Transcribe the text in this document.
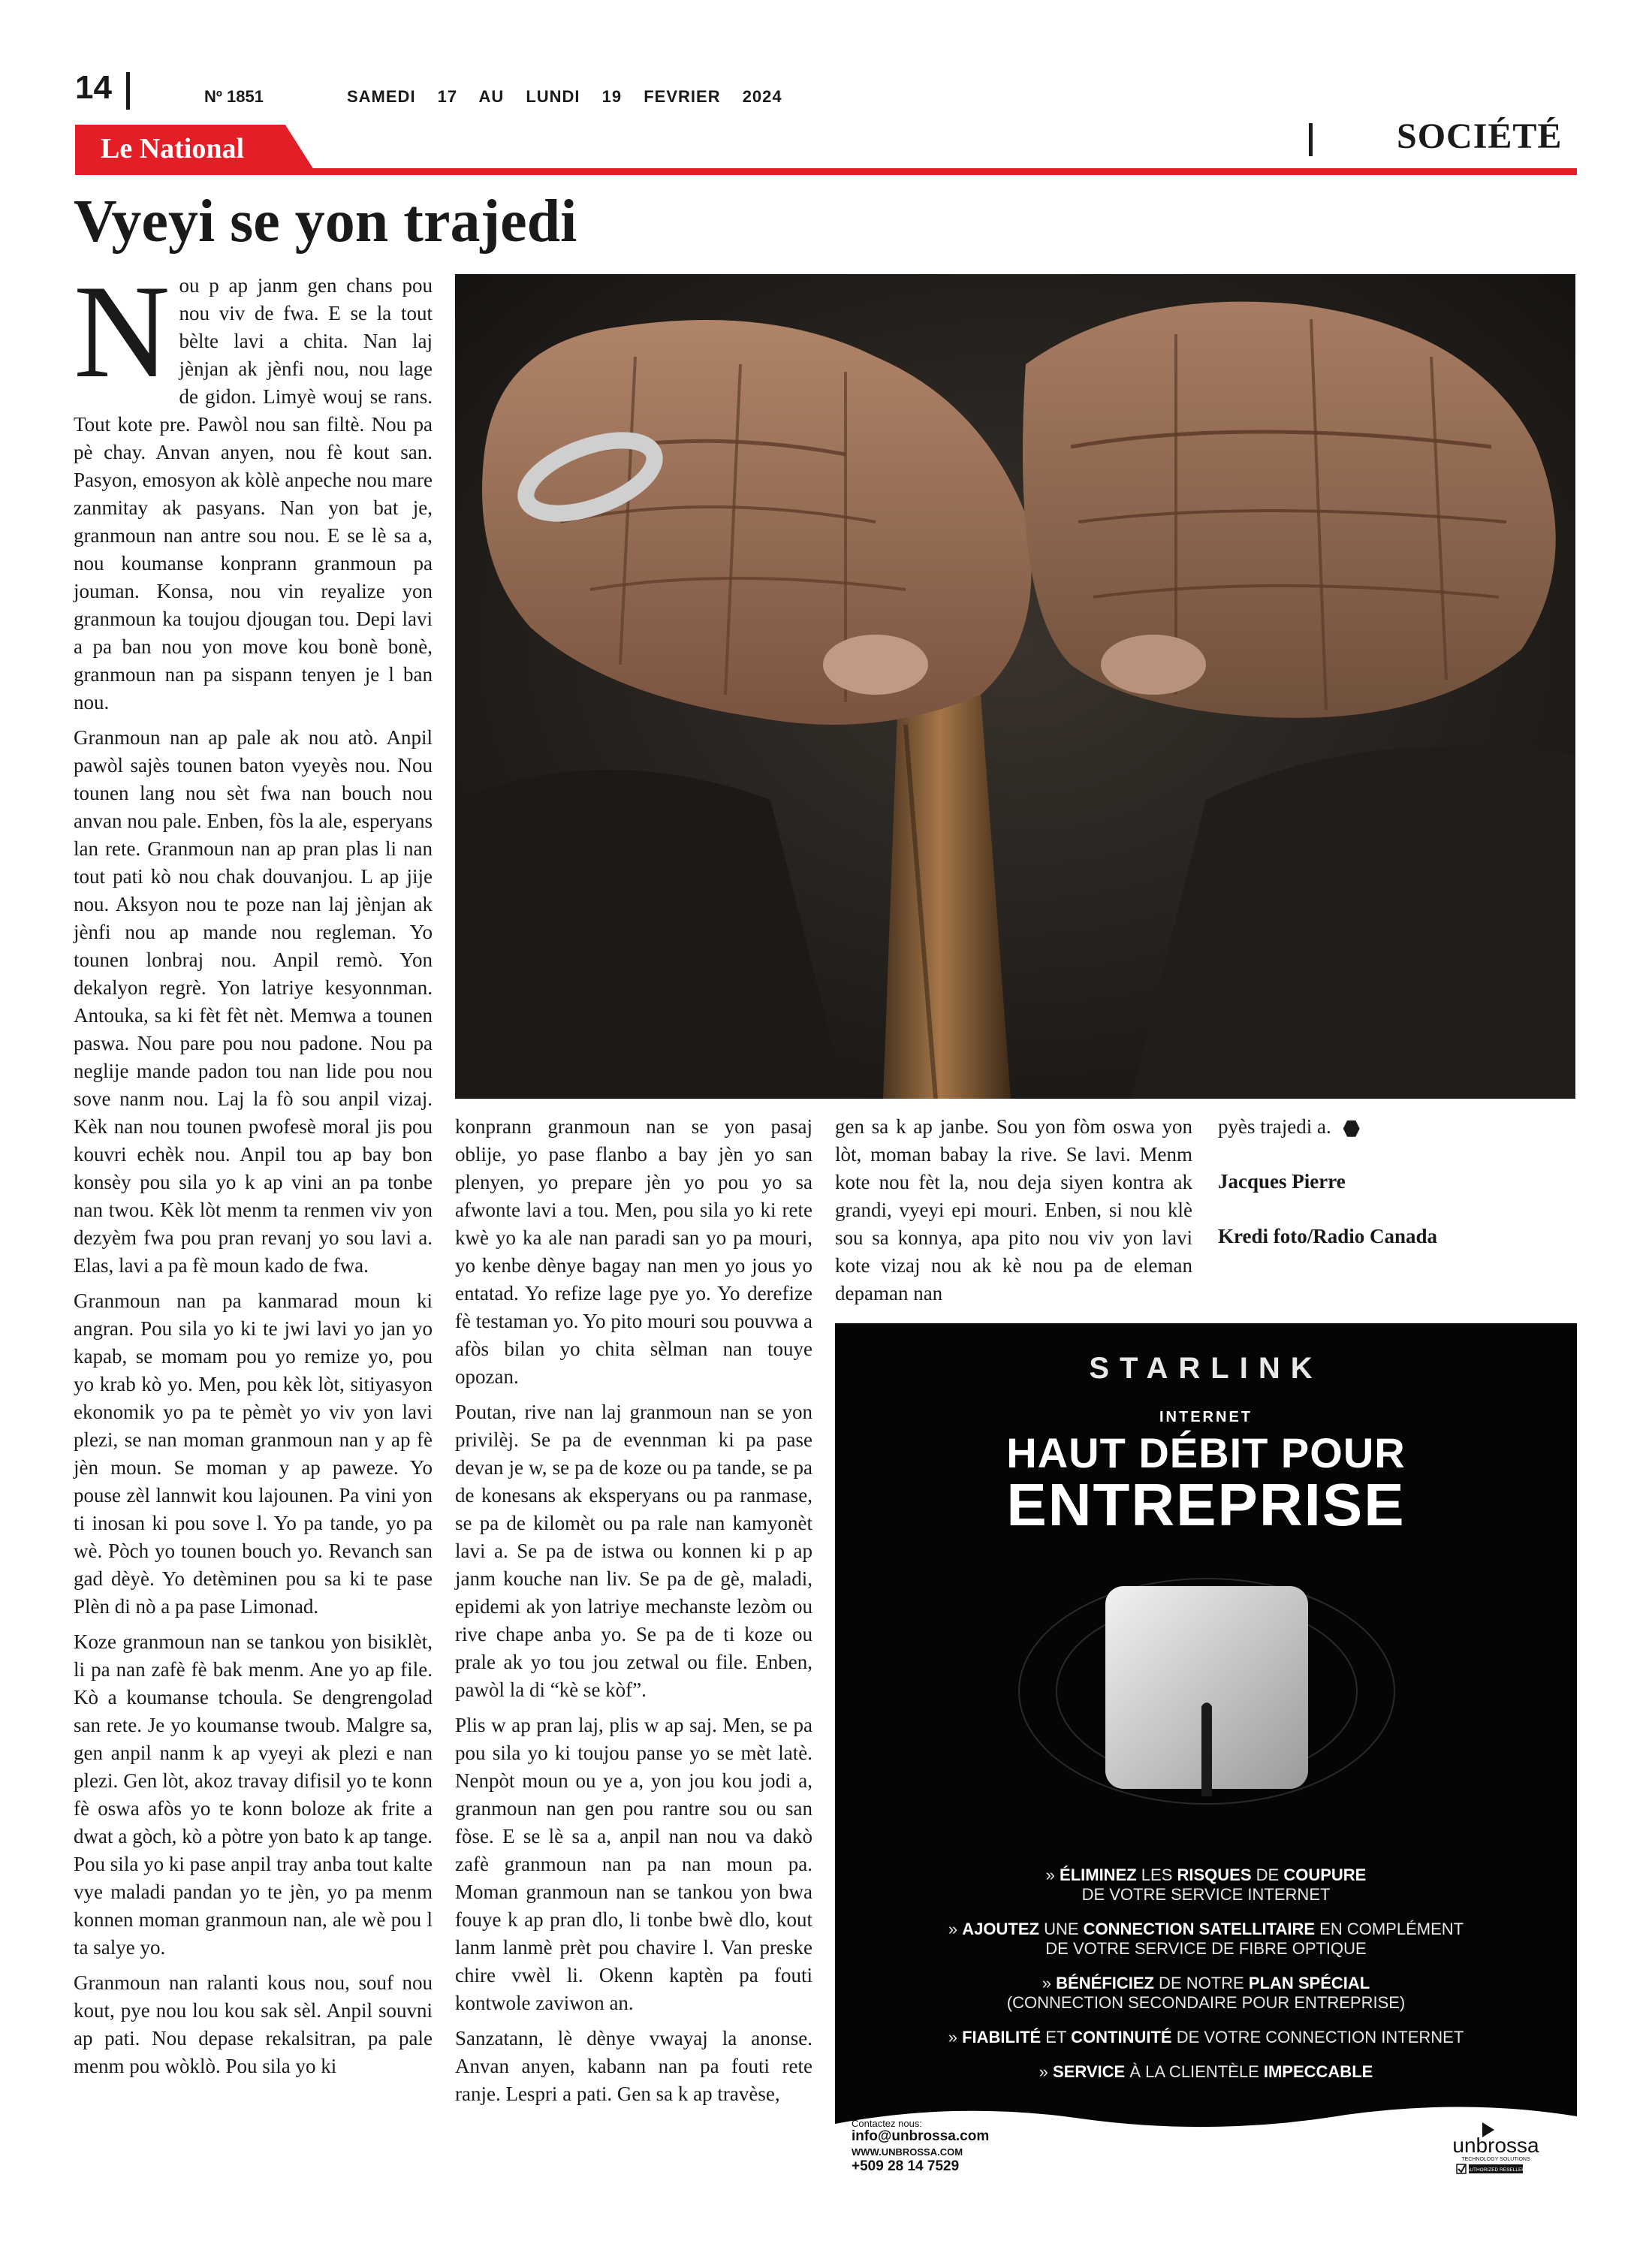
14	Nº 1851	SAMEDI 17 AU LUNDI 19 FEVRIER 2024
Le National	SOCIÉTÉ
Vyeyi se yon trajedi

Nou p ap janm gen chans pou nou viv de fwa. E se la tout bèlte lavi a chita. Nan laj jènjan ak jènfi nou, nou lage de gidon. Limyè wouj se rans. Tout kote pre. Pawòl nou san filtè. Nou pa pè chay. Anvan anyen, nou fè kout san. Pasyon, emosyon ak kòlè anpeche nou mare zanmitay ak pasyans. Nan yon bat je, granmoun nan antre sou nou. E se lè sa a, nou koumanse konprann granmoun pa jouman. Konsa, nou vin reyalize yon granmoun ka toujou djougan tou. Depi lavi a pa ban nou yon move kou bonè bonè, granmoun nan pa sispann tenyen je l ban nou.

Granmoun nan ap pale ak nou atò. Anpil pawòl sajès tounen baton vyeyès nou. Nou tounen lang nou sèt fwa nan bouch nou anvan nou pale. Enben, fòs la ale, esperyans lan rete. Granmoun nan ap pran plas li nan tout pati kò nou chak douvanjou. L ap jije nou. Aksyon nou te poze nan laj jènjan ak jènfi nou ap mande nou regleman. Yo tounen lonbraj nou. Anpil remò. Yon dekalyon regrè. Yon latriye kesyonnman. Antouka, sa ki fèt fèt nèt. Memwa a tounen paswa. Nou pare pou nou padone. Nou pa neglije mande padon tou nan lide pou nou sove nanm nou. Laj la fò sou anpil vizaj. Kèk nan nou tounen pwofesè moral jis pou kouvri echèk nou. Anpil tou ap bay bon konsèy pou sila yo k ap vini an pa tonbe nan twou. Kèk lòt menm ta renmen viv yon dezyèm fwa pou pran revanj yo sou lavi a. Elas, lavi a pa fè moun kado de fwa.

Granmoun nan pa kanmarad moun ki angran. Pou sila yo ki te jwi lavi yo jan yo kapab, se momam pou yo remize yo, pou yo krab kò yo. Men, pou kèk lòt, sitiyasyon ekonomik yo pa te pèmèt yo viv yon lavi plezi, se nan moman granmoun nan y ap fè jèn moun. Se moman y ap paweze. Yo pouse zèl lannwit kou lajounen. Pa vini yon ti inosan ki pou sove l. Yo pa tande, yo pa wè. Pòch yo tounen bouch yo. Revanch san gad dèyè. Yo detèminen pou sa ki te pase Plèn di nò a pa pase Limonad.

Koze granmoun nan se tankou yon bisiklèt, li pa nan zafè fè bak menm. Ane yo ap file. Kò a koumanse tchoula. Se dengrengolad san rete. Je yo koumanse twoub. Malgre sa, gen anpil nanm k ap vyeyi ak plezi e nan plezi. Gen lòt, akoz travay difisil yo te konn fè oswa afòs yo te konn boloze ak frite a dwat a gòch, kò a pòtre yon bato k ap tange. Pou sila yo ki pase anpil tray anba tout kalte vye maladi pandan yo te jèn, yo pa menm konnen moman granmoun nan, ale wè pou l ta salye yo.

Granmoun nan ralanti kous nou, souf nou kout, pye nou lou kou sak sèl. Anpil souvni ap pati. Nou depase rekalsitran, pa pale menm pou wòklò. Pou sila yo ki

konprann granmoun nan se yon pasaj oblije, yo pase flanbo a bay jèn yo san plenyen, yo prepare jèn yo pou yo sa afwonte lavi a tou. Men, pou sila yo ki rete kwè yo ka ale nan paradi san yo pa mouri, yo kenbe dènye bagay nan men yo jous yo entatad. Yo refize lage pye yo. Yo derefize fè testaman yo. Yo pito mouri sou pouvwa a afòs bilan yo chita sèlman nan touye opozan.

Poutan, rive nan laj granmoun nan se yon privilèj. Se pa de evennman ki pa pase devan je w, se pa de koze ou pa tande, se pa de konesans ak eksperyans ou pa ranmase, se pa de kilomèt ou pa rale nan kamyonèt lavi a. Se pa de istwa ou konnen ki p ap janm kouche nan liv. Se pa de gè, maladi, epidemi ak yon latriye mechanste lezòm ou rive chape anba yo. Se pa de ti koze ou prale ak yo tou jou zetwal ou file. Enben, pawòl la di “kè se kòf”.

Plis w ap pran laj, plis w ap saj. Men, se pa pou sila yo ki toujou panse yo se mèt latè. Nenpòt moun ou ye a, yon jou kou jodi a, granmoun nan gen pou rantre sou ou san fòse. E se lè sa a, anpil nan nou va dakò zafè granmoun nan pa nan moun pa. Moman granmoun nan se tankou yon bwa fouye k ap pran dlo, li tonbe bwè dlo, kout lanm lanmè prèt pou chavire l. Van preske chire vwèl li. Okenn kaptèn pa fouti kontwole zaviwon an.

Sanzatann, lè dènye vwayaj la anonse. Anvan anyen, kabann nan pa fouti rete ranje. Lespri a pati. Gen sa k ap travèse,

gen sa k ap janbe. Sou yon fòm oswa yon lòt, moman babay la rive. Se lavi. Menm kote nou fèt la, nou deja siyen kontra ak grandi, vyeyi epi mouri. Enben, si nou klè sou sa konnya, apa pito nou viv yon lavi kote vizaj nou ak kè nou pa de eleman depaman nan

pyès trajedi a.

Jacques Pierre

Kredi foto/Radio Canada

STARLINK
INTERNET
HAUT DÉBIT POUR
ENTREPRISE
» ÉLIMINEZ LES RISQUES DE COUPURE
DE VOTRE SERVICE INTERNET
» AJOUTEZ UNE CONNECTION SATELLITAIRE EN COMPLÉMENT
DE VOTRE SERVICE DE FIBRE OPTIQUE
» BÉNÉFICIEZ DE NOTRE PLAN SPÉCIAL
(CONNECTION SECONDAIRE POUR ENTREPRISE)
» FIABILITÉ ET CONTINUITÉ DE VOTRE CONNECTION INTERNET
» SERVICE À LA CLIENTÈLE IMPECCABLE
Contactez nous:
info@unbrossa.com
WWW.UNBROSSA.COM
+509 28 14 7529
unbrossa
TECHNOLOGY SOLUTIONS
AUTHORIZED RESELLER
